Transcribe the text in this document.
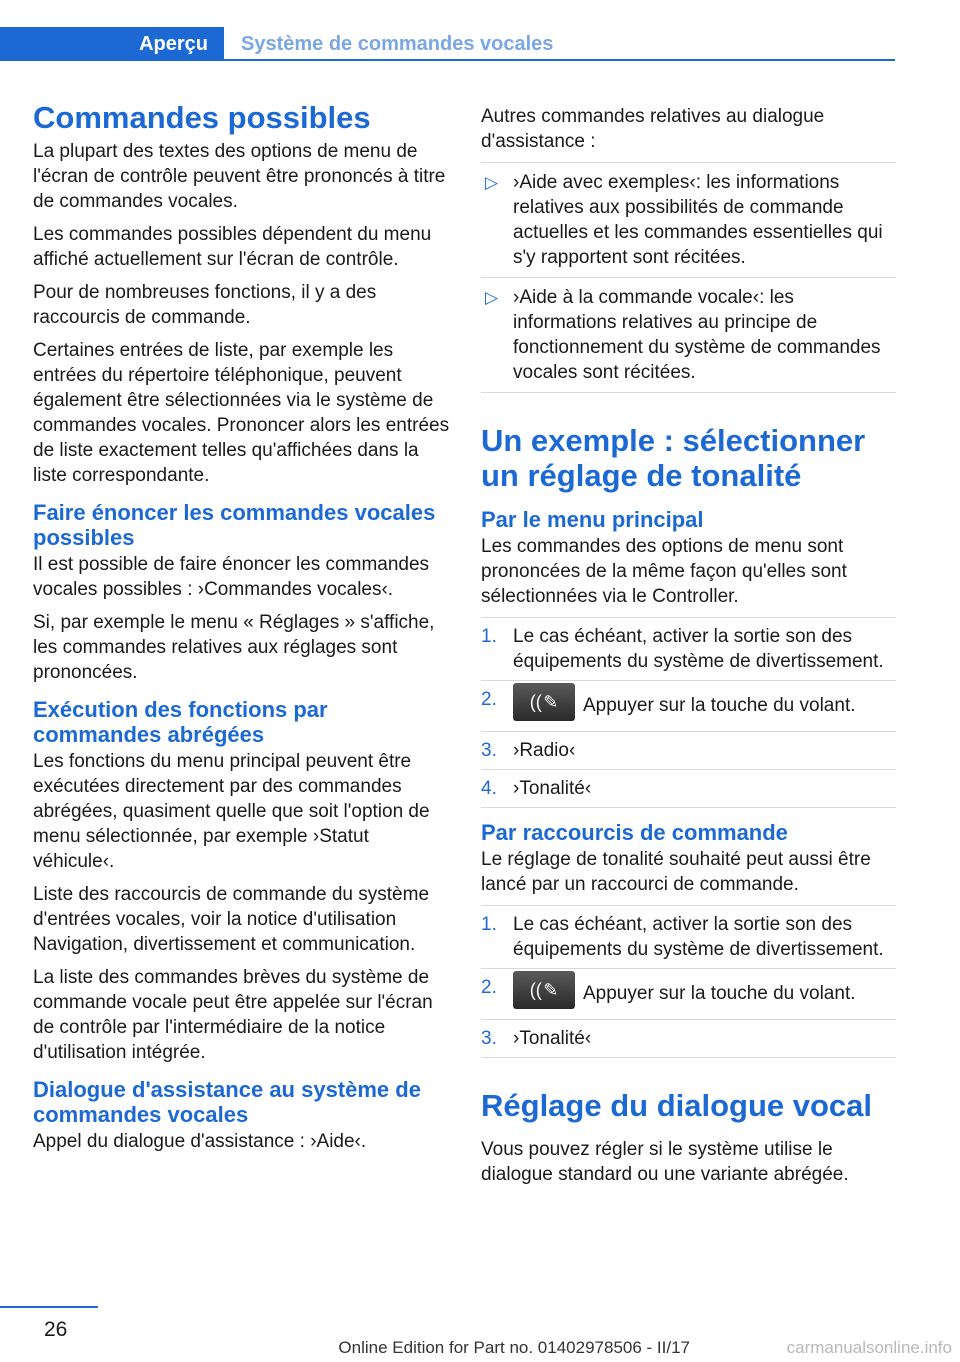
Aperçu	Système de commandes vocales
Commandes possibles

La plupart des textes des options de menu de l'écran de contrôle peuvent être prononcés à titre de commandes vocales.

Les commandes possibles dépendent du menu affiché actuellement sur l'écran de contrôle.

Pour de nombreuses fonctions, il y a des raccourcis de commande.

Certaines entrées de liste, par exemple les entrées du répertoire téléphonique, peuvent également être sélectionnées via le système de commandes vocales. Prononcer alors les entrées de liste exactement telles qu'affichées dans la liste correspondante.

Faire énoncer les commandes vocales possibles

Il est possible de faire énoncer les commandes vocales possibles : ›Commandes vocales‹.

Si, par exemple le menu « Réglages » s'affiche, les commandes relatives aux réglages sont prononcées.

Exécution des fonctions par commandes abrégées

Les fonctions du menu principal peuvent être exécutées directement par des commandes abrégées, quasiment quelle que soit l'option de menu sélectionnée, par exemple ›Statut véhicule‹.

Liste des raccourcis de commande du système d'entrées vocales, voir la notice d'utilisation Navigation, divertissement et communication.

La liste des commandes brèves du système de commande vocale peut être appelée sur l'écran de contrôle par l'intermédiaire de la notice d'utilisation intégrée.

Dialogue d'assistance au système de commandes vocales

Appel du dialogue d'assistance : ›Aide‹.

Autres commandes relatives au dialogue d'assistance :

▷ ›Aide avec exemples‹: les informations relatives aux possibilités de commande actuelles et les commandes essentielles qui s'y rapportent sont récitées.
▷ ›Aide à la commande vocale‹: les informations relatives au principe de fonctionnement du système de commandes vocales sont récitées.
Un exemple : sélectionner un réglage de tonalité
Par le menu principal

Les commandes des options de menu sont prononcées de la même façon qu'elles sont sélectionnées via le Controller.

1. Le cas échéant, activer la sortie son des équipements du système de divertissement.
2. (( ✎ Appuyer sur la touche du volant.
3. ›Radio‹
4. ›Tonalité‹
Par raccourcis de commande

Le réglage de tonalité souhaité peut aussi être lancé par un raccourci de commande.

1. Le cas échéant, activer la sortie son des équipements du système de divertissement.
2. (( ✎ Appuyer sur la touche du volant.
3. ›Tonalité‹
Réglage du dialogue vocal

Vous pouvez régler si le système utilise le dialogue standard ou une variante abrégée.

26
Online Edition for Part no. 01402978506 - II/17	carmanualsonline.info
